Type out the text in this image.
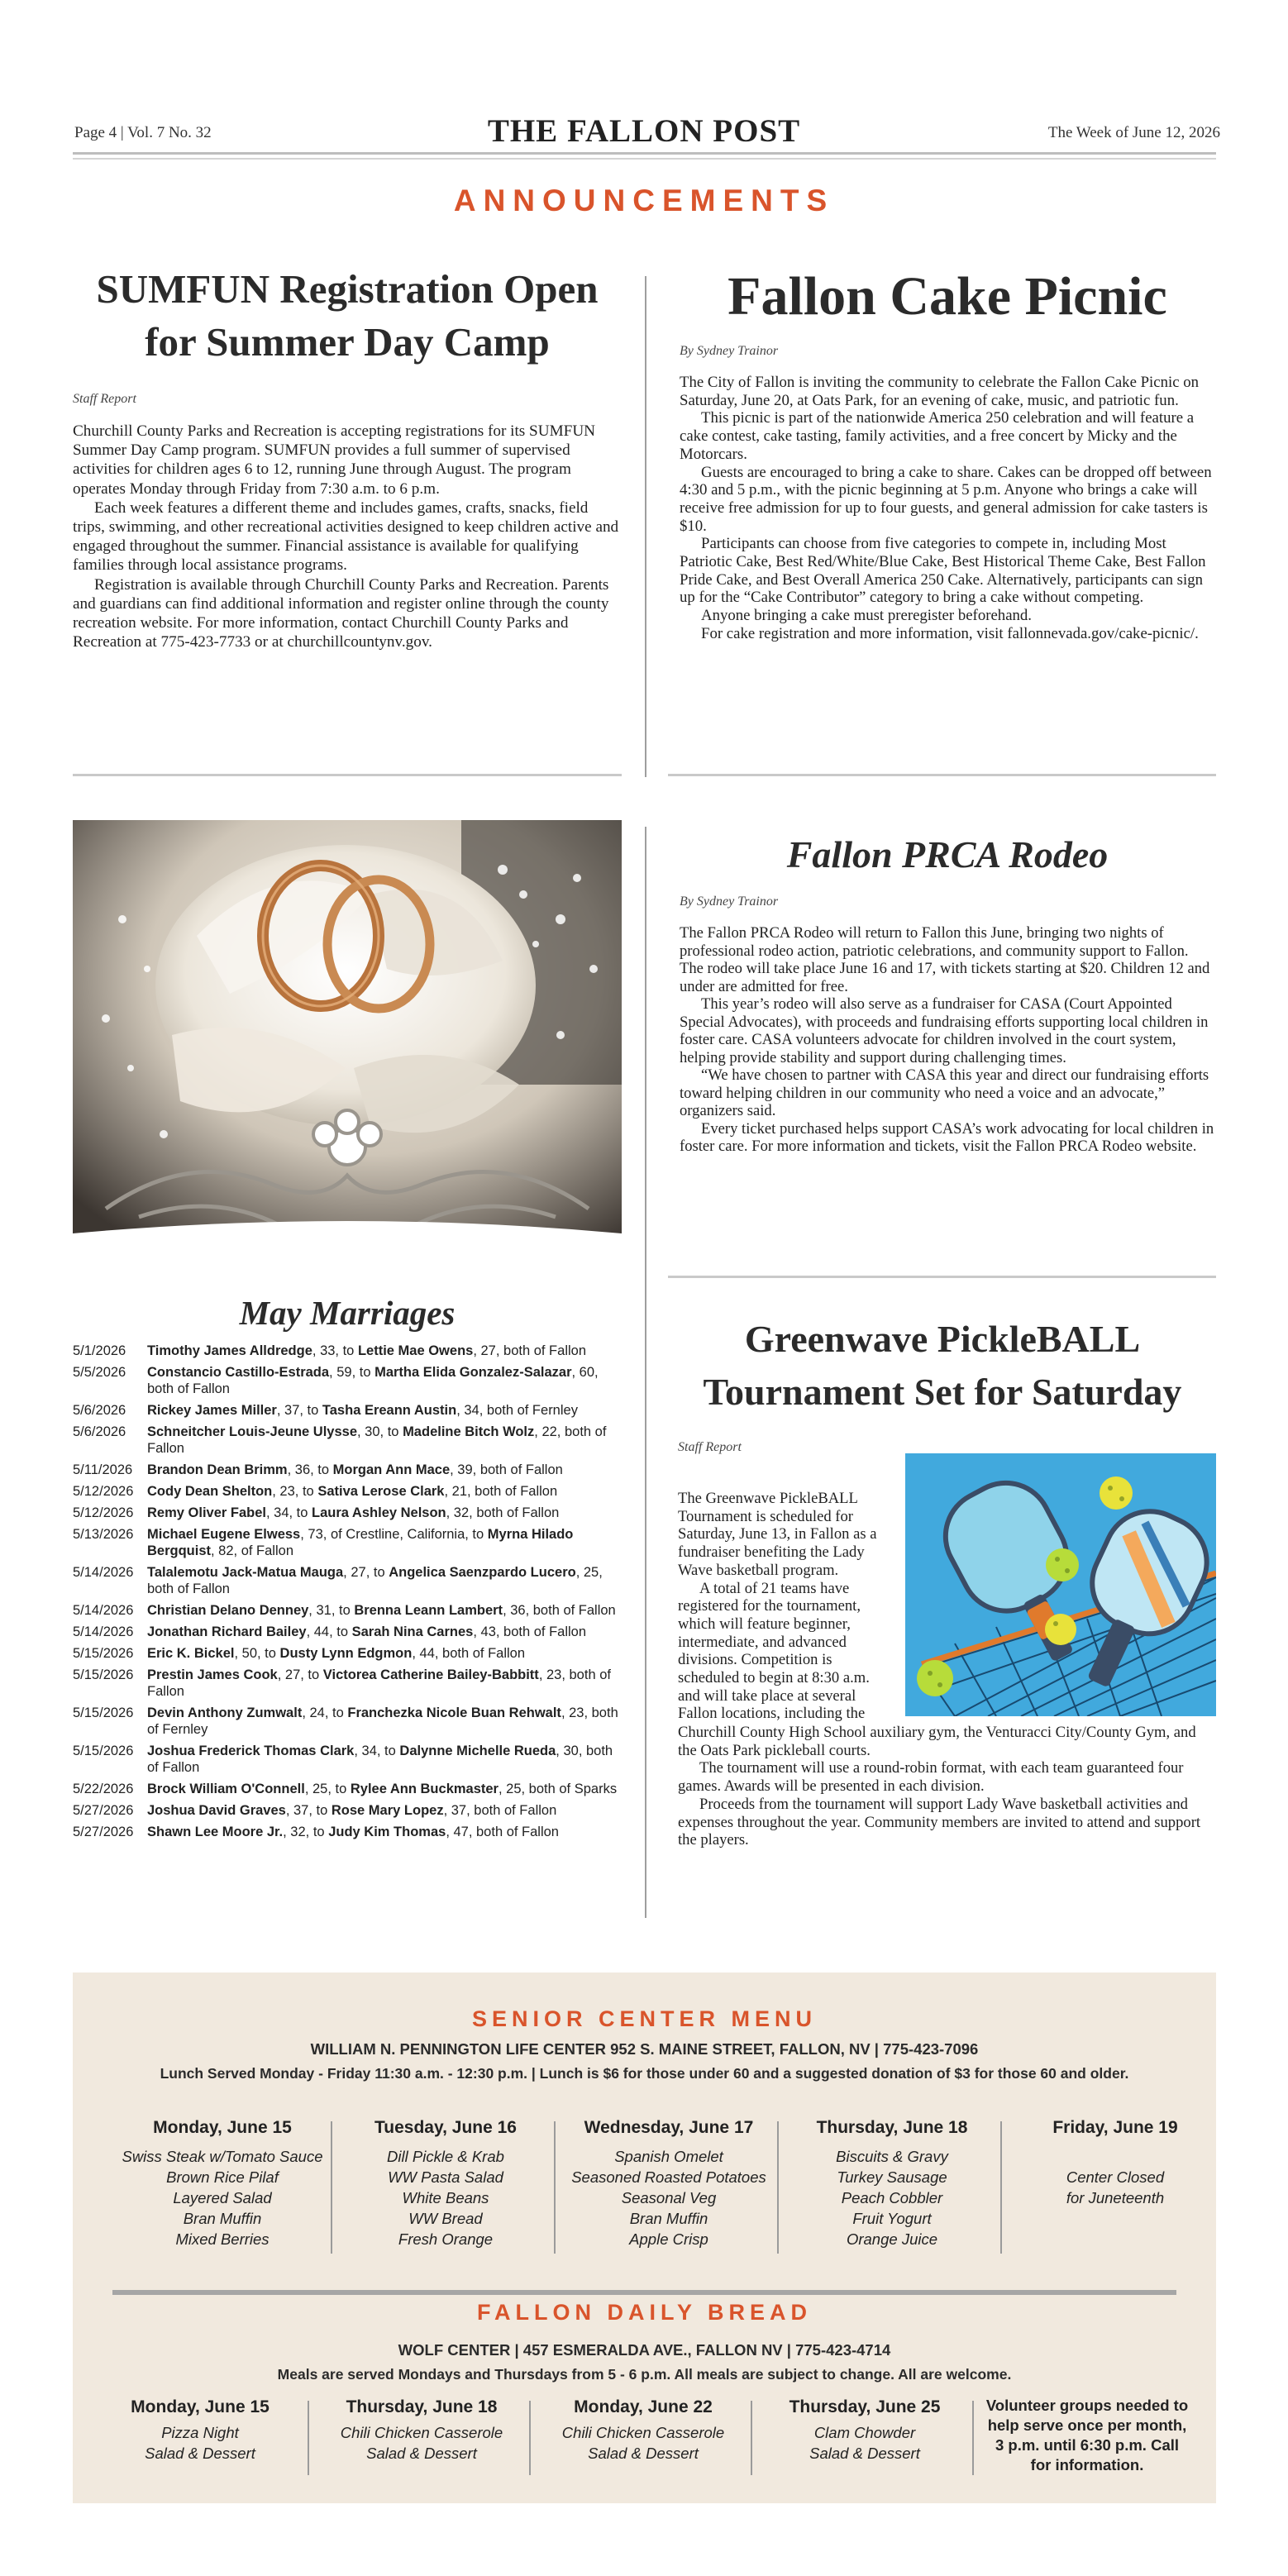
Page 4 | Vol. 7 No. 32	THE FALLON POST	The Week of June 12, 2026
ANNOUNCEMENTS
SUMFUN Registration Open for Summer Day Camp
Staff Report

Churchill County Parks and Recreation is accepting registrations for its SUMFUN Summer Day Camp program. SUMFUN provides a full summer of supervised activities for children ages 6 to 12, running June through August. The program operates Monday through Friday from 7:30 a.m. to 6 p.m.

Each week features a different theme and includes games, crafts, snacks, field trips, swimming, and other recreational activities designed to keep children active and engaged throughout the summer. Financial assistance is available for qualifying families through local assistance programs.

Registration is available through Churchill County Parks and Recreation. Parents and guardians can find additional information and register online through the county recreation website. For more information, contact Churchill County Parks and Recreation at 775-423-7733 or at churchillcountynv.gov.

Fallon Cake Picnic
By Sydney Trainor

The City of Fallon is inviting the community to celebrate the Fallon Cake Picnic on Saturday, June 20, at Oats Park, for an evening of cake, music, and patriotic fun.

This picnic is part of the nationwide America 250 celebration and will feature a cake contest, cake tasting, family activities, and a free concert by Micky and the Motorcars.

Guests are encouraged to bring a cake to share. Cakes can be dropped off between 4:30 and 5 p.m., with the picnic beginning at 5 p.m. Anyone who brings a cake will receive free admission for up to four guests, and general admission for cake tasters is $10.

Participants can choose from five categories to compete in, including Most Patriotic Cake, Best Red/White/Blue Cake, Best Historical Theme Cake, Best Fallon Pride Cake, and Best Overall America 250 Cake. Alternatively, participants can sign up for the “Cake Contributor” category to bring a cake without competing.

Anyone bringing a cake must preregister beforehand.

For cake registration and more information, visit fallonnevada.gov/cake-picnic/.

May Marriages
5/1/2026	Timothy James Alldredge, 33, to Lettie Mae Owens, 27, both of Fallon
5/5/2026	Constancio Castillo-Estrada, 59, to Martha Elida Gonzalez-Salazar, 60, both of Fallon
5/6/2026	Rickey James Miller, 37, to Tasha Ereann Austin, 34, both of Fernley
5/6/2026	Schneitcher Louis-Jeune Ulysse, 30, to Madeline Bitch Wolz, 22, both of Fallon
5/11/2026	Brandon Dean Brimm, 36, to Morgan Ann Mace, 39, both of Fallon
5/12/2026	Cody Dean Shelton, 23, to Sativa Lerose Clark, 21, both of Fallon
5/12/2026	Remy Oliver Fabel, 34, to Laura Ashley Nelson, 32, both of Fallon
5/13/2026	Michael Eugene Elwess, 73, of Crestline, California, to Myrna Hilado Bergquist, 82, of Fallon
5/14/2026	Talalemotu Jack-Matua Mauga, 27, to Angelica Saenzpardo Lucero, 25, both of Fallon
5/14/2026	Christian Delano Denney, 31, to Brenna Leann Lambert, 36, both of Fallon
5/14/2026	Jonathan Richard Bailey, 44, to Sarah Nina Carnes, 43, both of Fallon
5/15/2026	Eric K. Bickel, 50, to Dusty Lynn Edgmon, 44, both of Fallon
5/15/2026	Prestin James Cook, 27, to Victorea Catherine Bailey-Babbitt, 23, both of Fallon
5/15/2026	Devin Anthony Zumwalt, 24, to Franchezka Nicole Buan Rehwalt, 23, both of Fernley
5/15/2026	Joshua Frederick Thomas Clark, 34, to Dalynne Michelle Rueda, 30, both of Fallon
5/22/2026	Brock William O'Connell, 25, to Rylee Ann Buckmaster, 25, both of Sparks
5/27/2026	Joshua David Graves, 37, to Rose Mary Lopez, 37, both of Fallon
5/27/2026	Shawn Lee Moore Jr., 32, to Judy Kim Thomas, 47, both of Fallon
Fallon PRCA Rodeo
By Sydney Trainor

The Fallon PRCA Rodeo will return to Fallon this June, bringing two nights of professional rodeo action, patriotic celebrations, and community support to Fallon. The rodeo will take place June 16 and 17, with tickets starting at $20. Children 12 and under are admitted for free.

This year’s rodeo will also serve as a fundraiser for CASA (Court Appointed Special Advocates), with proceeds and fundraising efforts supporting local children in foster care. CASA volunteers advocate for children involved in the court system, helping provide stability and support during challenging times.

“We have chosen to partner with CASA this year and direct our fundraising efforts toward helping children in our community who need a voice and an advocate,” organizers said.

Every ticket purchased helps support CASA’s work advocating for local children in foster care. For more information and tickets, visit the Fallon PRCA Rodeo website.

Greenwave PickleBALL Tournament Set for Saturday
Staff Report

The Greenwave PickleBALL Tournament is scheduled for Saturday, June 13, in Fallon as a fundraiser benefiting the Lady Wave basketball program.

A total of 21 teams have registered for the tournament, which will feature beginner, intermediate, and advanced divisions. Competition is scheduled to begin at 8:30 a.m. and will take place at several Fallon locations, including the

Churchill County High School auxiliary gym, the Venturacci City/County Gym, and the Oats Park pickleball courts.

The tournament will use a round-robin format, with each team guaranteed four games. Awards will be presented in each division.

Proceeds from the tournament will support Lady Wave basketball activities and expenses throughout the year. Community members are invited to attend and support the players.

SENIOR CENTER MENU
WILLIAM N. PENNINGTON LIFE CENTER 952 S. MAINE STREET, FALLON, NV | 775-423-7096
Lunch Served Monday - Friday 11:30 a.m. - 12:30 p.m. | Lunch is $6 for those under 60 and a suggested donation of $3 for those 60 and older.
Monday, June 15
Swiss Steak w/Tomato Sauce
Brown Rice Pilaf
Layered Salad
Bran Muffin
Mixed Berries
Tuesday, June 16
Dill Pickle & Krab
WW Pasta Salad
White Beans
WW Bread
Fresh Orange
Wednesday, June 17
Spanish Omelet
Seasoned Roasted Potatoes
Seasonal Veg
Bran Muffin
Apple Crisp
Thursday, June 18
Biscuits & Gravy
Turkey Sausage
Peach Cobbler
Fruit Yogurt
Orange Juice
Friday, June 19
Center Closed
for Juneteenth
FALLON DAILY BREAD
WOLF CENTER | 457 ESMERALDA AVE., FALLON NV | 775-423-4714
Meals are served Mondays and Thursdays from 5 - 6 p.m. All meals are subject to change. All are welcome.
Monday, June 15
Pizza Night
Salad & Dessert
Thursday, June 18
Chili Chicken Casserole
Salad & Dessert
Monday, June 22
Chili Chicken Casserole
Salad & Dessert
Thursday, June 25
Clam Chowder
Salad & Dessert
Volunteer groups needed to help serve once per month, 3 p.m. until 6:30 p.m. Call for information.
